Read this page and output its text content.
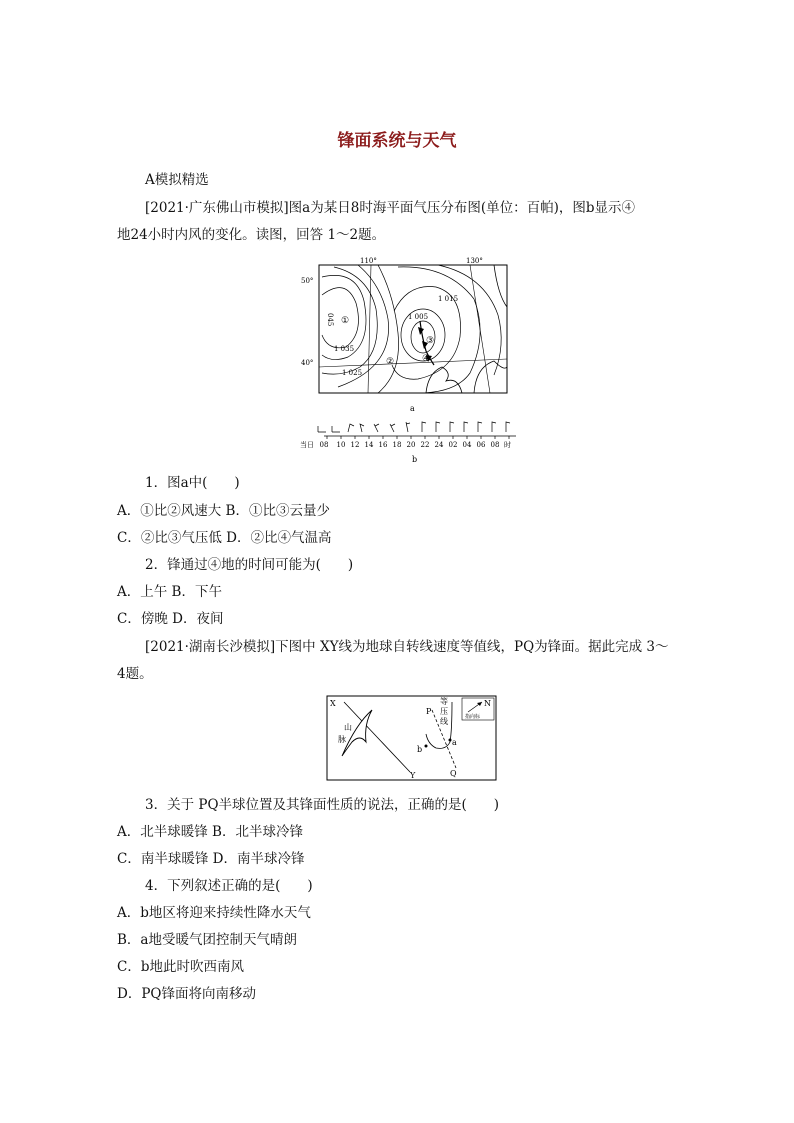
锋面系统与天气
A模拟精选
[2021·广东佛山市模拟]图a为某日8时海平面气压分布图(单位：百帕)，图b显示④
地24小时内风的变化。读图，回答 1～2题。
110°	130°
50°
40°
1 015
1 005
1 035
1 025
045 ①
②
③
④
a
当日 08 10 12 14 16 18 20 22 24 02 04 06 08 时
b
1．图a中(　　)
A．①比②风速大 B．①比③云量少
C．②比③气压低 D．②比④气温高
2．锋通过④地的时间可能为(　　)
A．上午 B．下午
C．傍晚 D．夜间
[2021·湖南长沙模拟]下图中 XY线为地球自转线速度等值线，PQ为锋面。据此完成 3～
4题。
X
Y
P
Q
a
b
山
脉
等
压
线
N
指向标
3．关于 PQ半球位置及其锋面性质的说法，正确的是(　　)
A．北半球暖锋 B．北半球冷锋
C．南半球暖锋 D．南半球冷锋
4．下列叙述正确的是(　　)
A．b地区将迎来持续性降水天气
B．a地受暖气团控制天气晴朗
C．b地此时吹西南风
D．PQ锋面将向南移动
